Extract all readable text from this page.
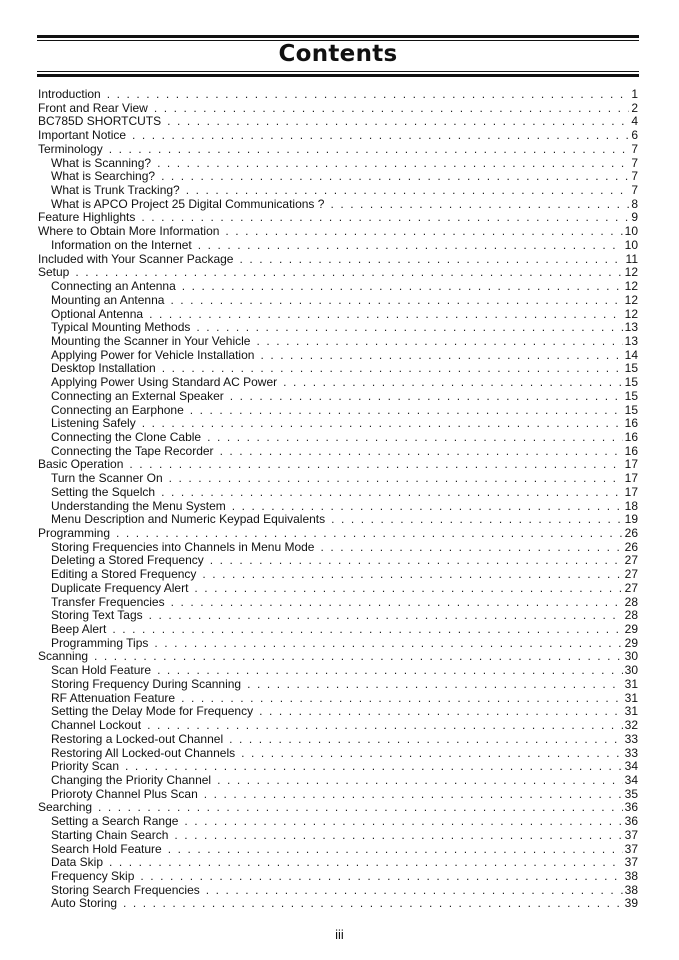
Contents
Introduction . . .	1
Front and Rear View . . .	2
BC785D SHORTCUTS . . .	4
Important Notice . . .	6
Terminology . . .	7
What is Scanning? . . .	7
What is Searching? . . .	7
What is Trunk Tracking? . . .	7
What is APCO Project 25 Digital Communications ? . . .	8
Feature Highlights . . .	9
Where to Obtain More Information . . .	10
Information on the Internet . . .	10
Included with Your Scanner Package . . .	11
Setup . . .	12
Connecting an Antenna . . .	12
Mounting an Antenna . . .	12
Optional Antenna . . .	12
Typical Mounting Methods . . .	13
Mounting the Scanner in Your Vehicle . . .	13
Applying Power for Vehicle Installation . . .	14
Desktop Installation . . .	15
Applying Power Using Standard AC Power . . .	15
Connecting an External Speaker . . .	15
Connecting an Earphone . . .	15
Listening Safely . . .	16
Connecting the Clone Cable . . .	16
Connecting the Tape Recorder . . .	16
Basic Operation . . .	17
Turn the Scanner On . . .	17
Setting the Squelch . . .	17
Understanding the Menu System . . .	18
Menu Description and Numeric Keypad Equivalents . . .	19
Programming . . .	26
Storing Frequencies into Channels in Menu Mode . . .	26
Deleting a Stored Frequency . . .	27
Editing a Stored Frequency . . .	27
Duplicate Frequency Alert . . .	27
Transfer Frequencies . . .	28
Storing Text Tags . . .	28
Beep Alert . . .	29
Programming Tips . . .	29
Scanning . . .	30
Scan Hold Feature . . .	30
Storing Frequency During Scanning . . .	31
RF Attenuation Feature . . .	31
Setting the Delay Mode for Frequency . . .	31
Channel Lockout . . .	32
Restoring a Locked-out Channel . . .	33
Restoring All Locked-out Channels . . .	33
Priority Scan . . .	34
Changing the Priority Channel . . .	34
Prioroty Channel Plus Scan . . .	35
Searching . . .	36
Setting a Search Range . . .	36
Starting Chain Search . . .	37
Search Hold Feature . . .	37
Data Skip . . .	37
Frequency Skip . . .	38
Storing Search Frequencies . . .	38
Auto Storing . . .	39
iii
